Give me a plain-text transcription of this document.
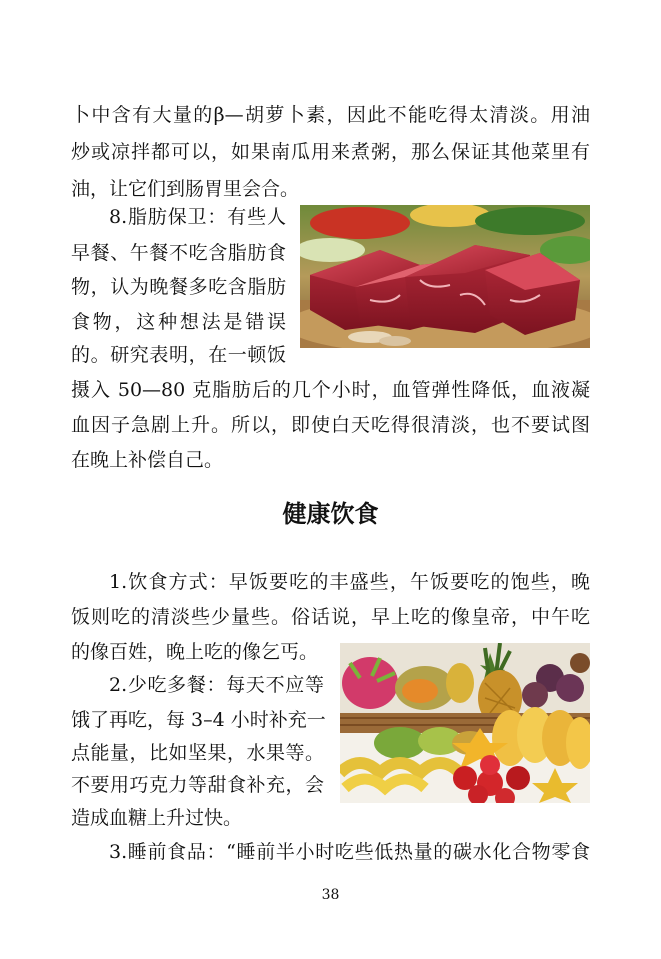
卜中含有大量的β—胡萝卜素，因此不能吃得太清淡。用油
炒或凉拌都可以，如果南瓜用来煮粥，那么保证其他菜里有
油，让它们到肠胃里会合。
8.脂肪保卫：有些人
早餐、午餐不吃含脂肪食
物，认为晚餐多吃含脂肪
食物，这种想法是错误
的。研究表明，在一顿饭
摄入 50—80 克脂肪后的几个小时，血管弹性降低，血液凝
血因子急剧上升。所以，即使白天吃得很清淡，也不要试图
在晚上补偿自己。
健康饮食
1.饮食方式：早饭要吃的丰盛些，午饭要吃的饱些，晚
饭则吃的清淡些少量些。俗话说，早上吃的像皇帝，中午吃
的像百姓，晚上吃的像乞丐。
2.少吃多餐：每天不应等
饿了再吃，每 3–4 小时补充一
点能量，比如坚果，水果等。
不要用巧克力等甜食补充，会
造成血糖上升过快。
3.睡前食品：“睡前半小时吃些低热量的碳水化合物零食
38
